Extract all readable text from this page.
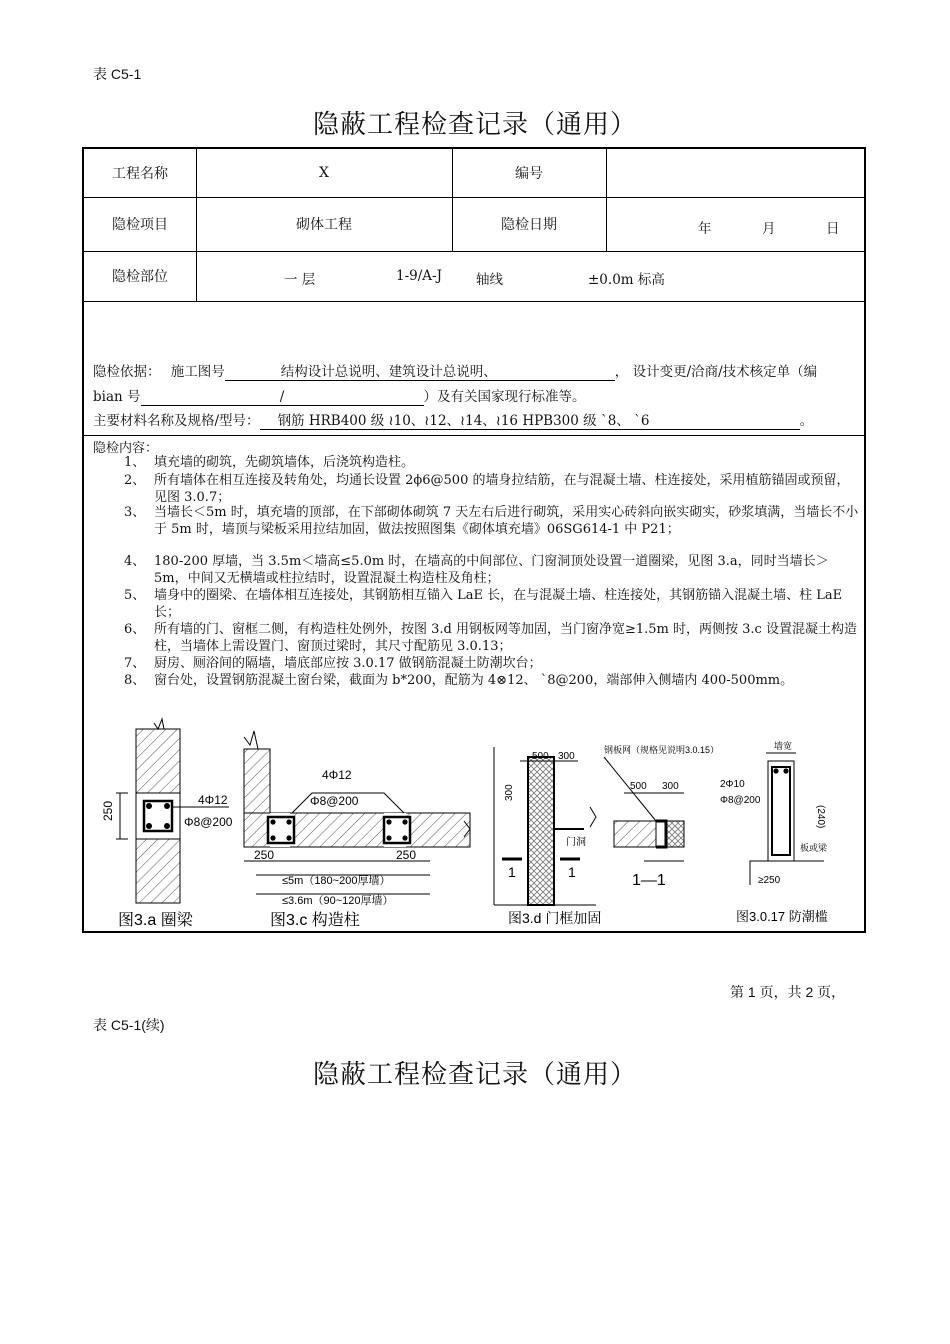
表 C5-1
隐蔽工程检查记录（通用）
工程名称	X	编号
隐检项目	砌体工程	隐检日期	年	月	日
隐检部位	一 层	1-9/A-J	轴线	±0.0m 标高
隐检依据： 施工图号	结构设计总说明、建筑设计总说明、	， 设计变更/洽商/技术核定单（编
bian 号	/	）及有关国家现行标准等。
主要材料名称及规格/型号： 钢筋 HRB400 级 ≀10、≀12、≀14、≀16 HPB300 级 ˋ8、 ˋ6	。
隐检内容：
1、 填充墙的砌筑，先砌筑墙体，后浇筑构造柱。
2、 所有墙体在相互连接及转角处，均通长设置 2ϕ6@500 的墙身拉结筋，在与混凝土墙、柱连接处，采用植筋锚固或预留，见图 3.0.7；
3、 当墙长＜5m 时，填充墙的顶部，在下部砌体砌筑 7 天左右后进行砌筑，采用实心砖斜向嵌实砌实，砂浆填满，当墙长不小于 5m 时，墙顶与梁板采用拉结加固，做法按照图集《砌体填充墙》06SG614-1 中 P21；
4、 180-200 厚墙，当 3.5m＜墙高≤5.0m 时，在墙高的中间部位、门窗洞顶处设置一道圈梁，见图 3.a，同时当墙长＞5m，中间又无横墙或柱拉结时，设置混凝土构造柱及角柱；
5、 墙身中的圈梁、在墙体相互连接处，其钢筋相互锚入 LaE 长，在与混凝土墙、柱连接处，其钢筋锚入混凝土墙、柱 LaE 长；
6、 所有墙的门、窗框二侧，有构造柱处例外，按图 3.d 用钢板网等加固，当门窗净宽≥1.5m 时，两侧按 3.c 设置混凝土构造柱，当墙体上需设置门、窗顶过梁时，其尺寸配筋见 3.0.13；
7、 厨房、厕浴间的隔墙，墙底部应按 3.0.17 做钢筋混凝土防潮坎台；
8、 窗台处，设置钢筋混凝土窗台梁，截面为 b*200，配筋为 4⊗12、 ˋ8@200，端部伸入侧墙内 400-500mm。
250
4Φ12
Φ8@200
图3.a 圈梁
4Φ12
Φ8@200
250	250
≤5m（180~200厚墙）
≤3.6m（90~120厚墙）
图3.c 构造柱
500 300
300
门洞
1	1
钢板网（规格见说明3.0.15）
500 300
1—1
图3.d 门框加固
墙宽
2Φ10
Φ8@200
(240)
板或梁
≥250
图3.0.17 防潮槛
第 1 页，共 2 页，
表 C5-1(续)
隐蔽工程检查记录（通用）
